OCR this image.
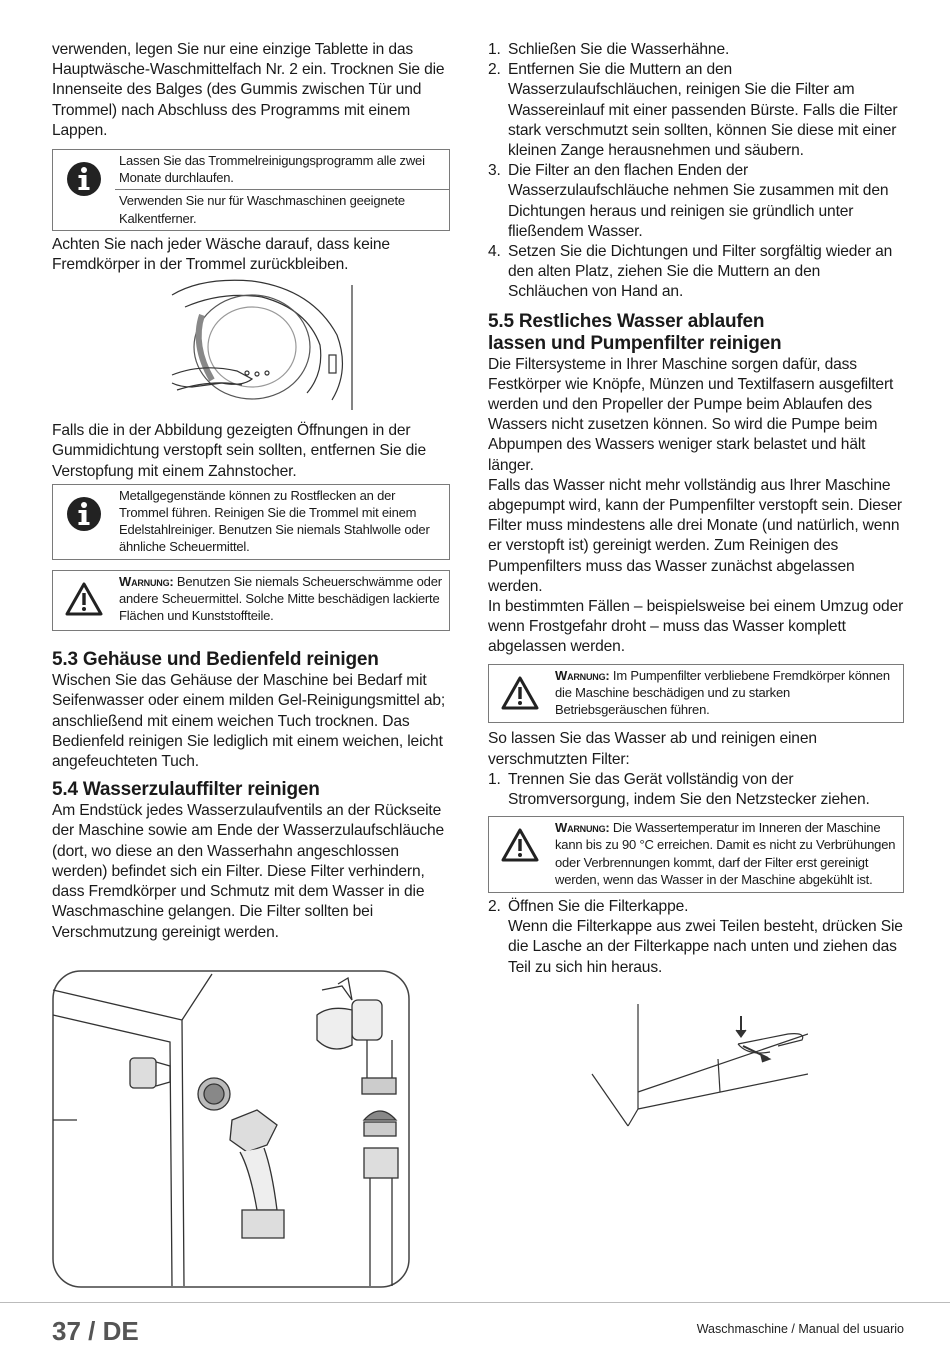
verwenden, legen Sie nur eine einzige Tablette in das Hauptwäsche-Waschmittelfach Nr. 2 ein. Trocknen Sie die Innenseite des Balges (des Gummis zwischen Tür und Trommel) nach Abschluss des Programms mit einem Lappen.

Lassen Sie das Trommelreinigungsprogramm alle zwei Monate durchlaufen.
Verwenden Sie nur für Waschmaschinen geeignete Kalkentferner.

Achten Sie nach jeder Wäsche darauf, dass keine Fremdkörper in der Trommel zurückbleiben.

Falls die in der Abbildung gezeigten Öffnungen in der Gummidichtung verstopft sein sollten, entfernen Sie die Verstopfung mit einem Zahnstocher.

Metallgegenstände können zu Rostflecken an der Trommel führen. Reinigen Sie die Trommel mit einem Edelstahlreiniger. Benutzen Sie niemals Stahlwolle oder ähnliche Scheuermittel.
Warnung: Benutzen Sie niemals Scheuerschwämme oder andere Scheuermittel. Solche Mitte beschädigen lackierte Flächen und Kunststoffteile.
5.3 Gehäuse und Bedienfeld reinigen

Wischen Sie das Gehäuse der Maschine bei Bedarf mit Seifenwasser oder einem milden Gel-Reinigungsmittel ab; anschließend mit einem weichen Tuch trocknen. Das Bedienfeld reinigen Sie lediglich mit einem weichen, leicht angefeuchteten Tuch.

5.4 Wasserzulauffilter reinigen

Am Endstück jedes Wasserzulaufventils an der Rückseite der Maschine sowie am Ende der Wasserzulaufschläuche (dort, wo diese an den Wasserhahn angeschlossen werden) befindet sich ein Filter. Diese Filter verhindern, dass Fremdkörper und Schmutz mit dem Wasser in die Waschmaschine gelangen. Die Filter sollten bei Verschmutzung gereinigt werden.

1. Schließen Sie die Wasserhähne.
2. Entfernen Sie die Muttern an den Wasserzulaufschläuchen, reinigen Sie die Filter am Wassereinlauf mit einer passenden Bürste. Falls die Filter stark verschmutzt sein sollten, können Sie diese mit einer kleinen Zange herausnehmen und säubern.
3. Die Filter an den flachen Enden der Wasserzulaufschläuche nehmen Sie zusammen mit den Dichtungen heraus und reinigen sie gründlich unter fließendem Wasser.
4. Setzen Sie die Dichtungen und Filter sorgfältig wieder an den alten Platz, ziehen Sie die Muttern an den Schläuchen von Hand an.
5.5 Restliches Wasser ablaufen
lassen und Pumpenfilter reinigen

Die Filtersysteme in Ihrer Maschine sorgen dafür, dass Festkörper wie Knöpfe, Münzen und Textilfasern ausgefiltert werden und den Propeller der Pumpe beim Ablaufen des Wassers nicht zusetzen können. So wird die Pumpe beim Abpumpen des Wassers weniger stark belastet und hält länger.

Falls das Wasser nicht mehr vollständig aus Ihrer Maschine abgepumpt wird, kann der Pumpenfilter verstopft sein. Dieser Filter muss mindestens alle drei Monate (und natürlich, wenn er verstopft ist) gereinigt werden. Zum Reinigen des Pumpenfilters muss das Wasser zunächst abgelassen werden.

In bestimmten Fällen – beispielsweise bei einem Umzug oder wenn Frostgefahr droht – muss das Wasser komplett abgelassen werden.

Warnung: Im Pumpenfilter verbliebene Fremdkörper können die Maschine beschädigen und zu starken Betriebsgeräuschen führen.

So lassen Sie das Wasser ab und reinigen einen verschmutzten Filter:

1. Trennen Sie das Gerät vollständig von der Stromversorgung, indem Sie den Netzstecker ziehen.
Warnung: Die Wassertemperatur im Inneren der Maschine kann bis zu 90 °C erreichen. Damit es nicht zu Verbrühungen oder Verbrennungen kommt, darf der Filter erst gereinigt werden, wenn das Wasser in der Maschine abgekühlt ist.
2. Öffnen Sie die Filterkappe.

Wenn die Filterkappe aus zwei Teilen besteht, drücken Sie die Lasche an der Filterkappe nach unten und ziehen das Teil zu sich hin heraus.

37 / DE	Waschmaschine / Manual del usuario
